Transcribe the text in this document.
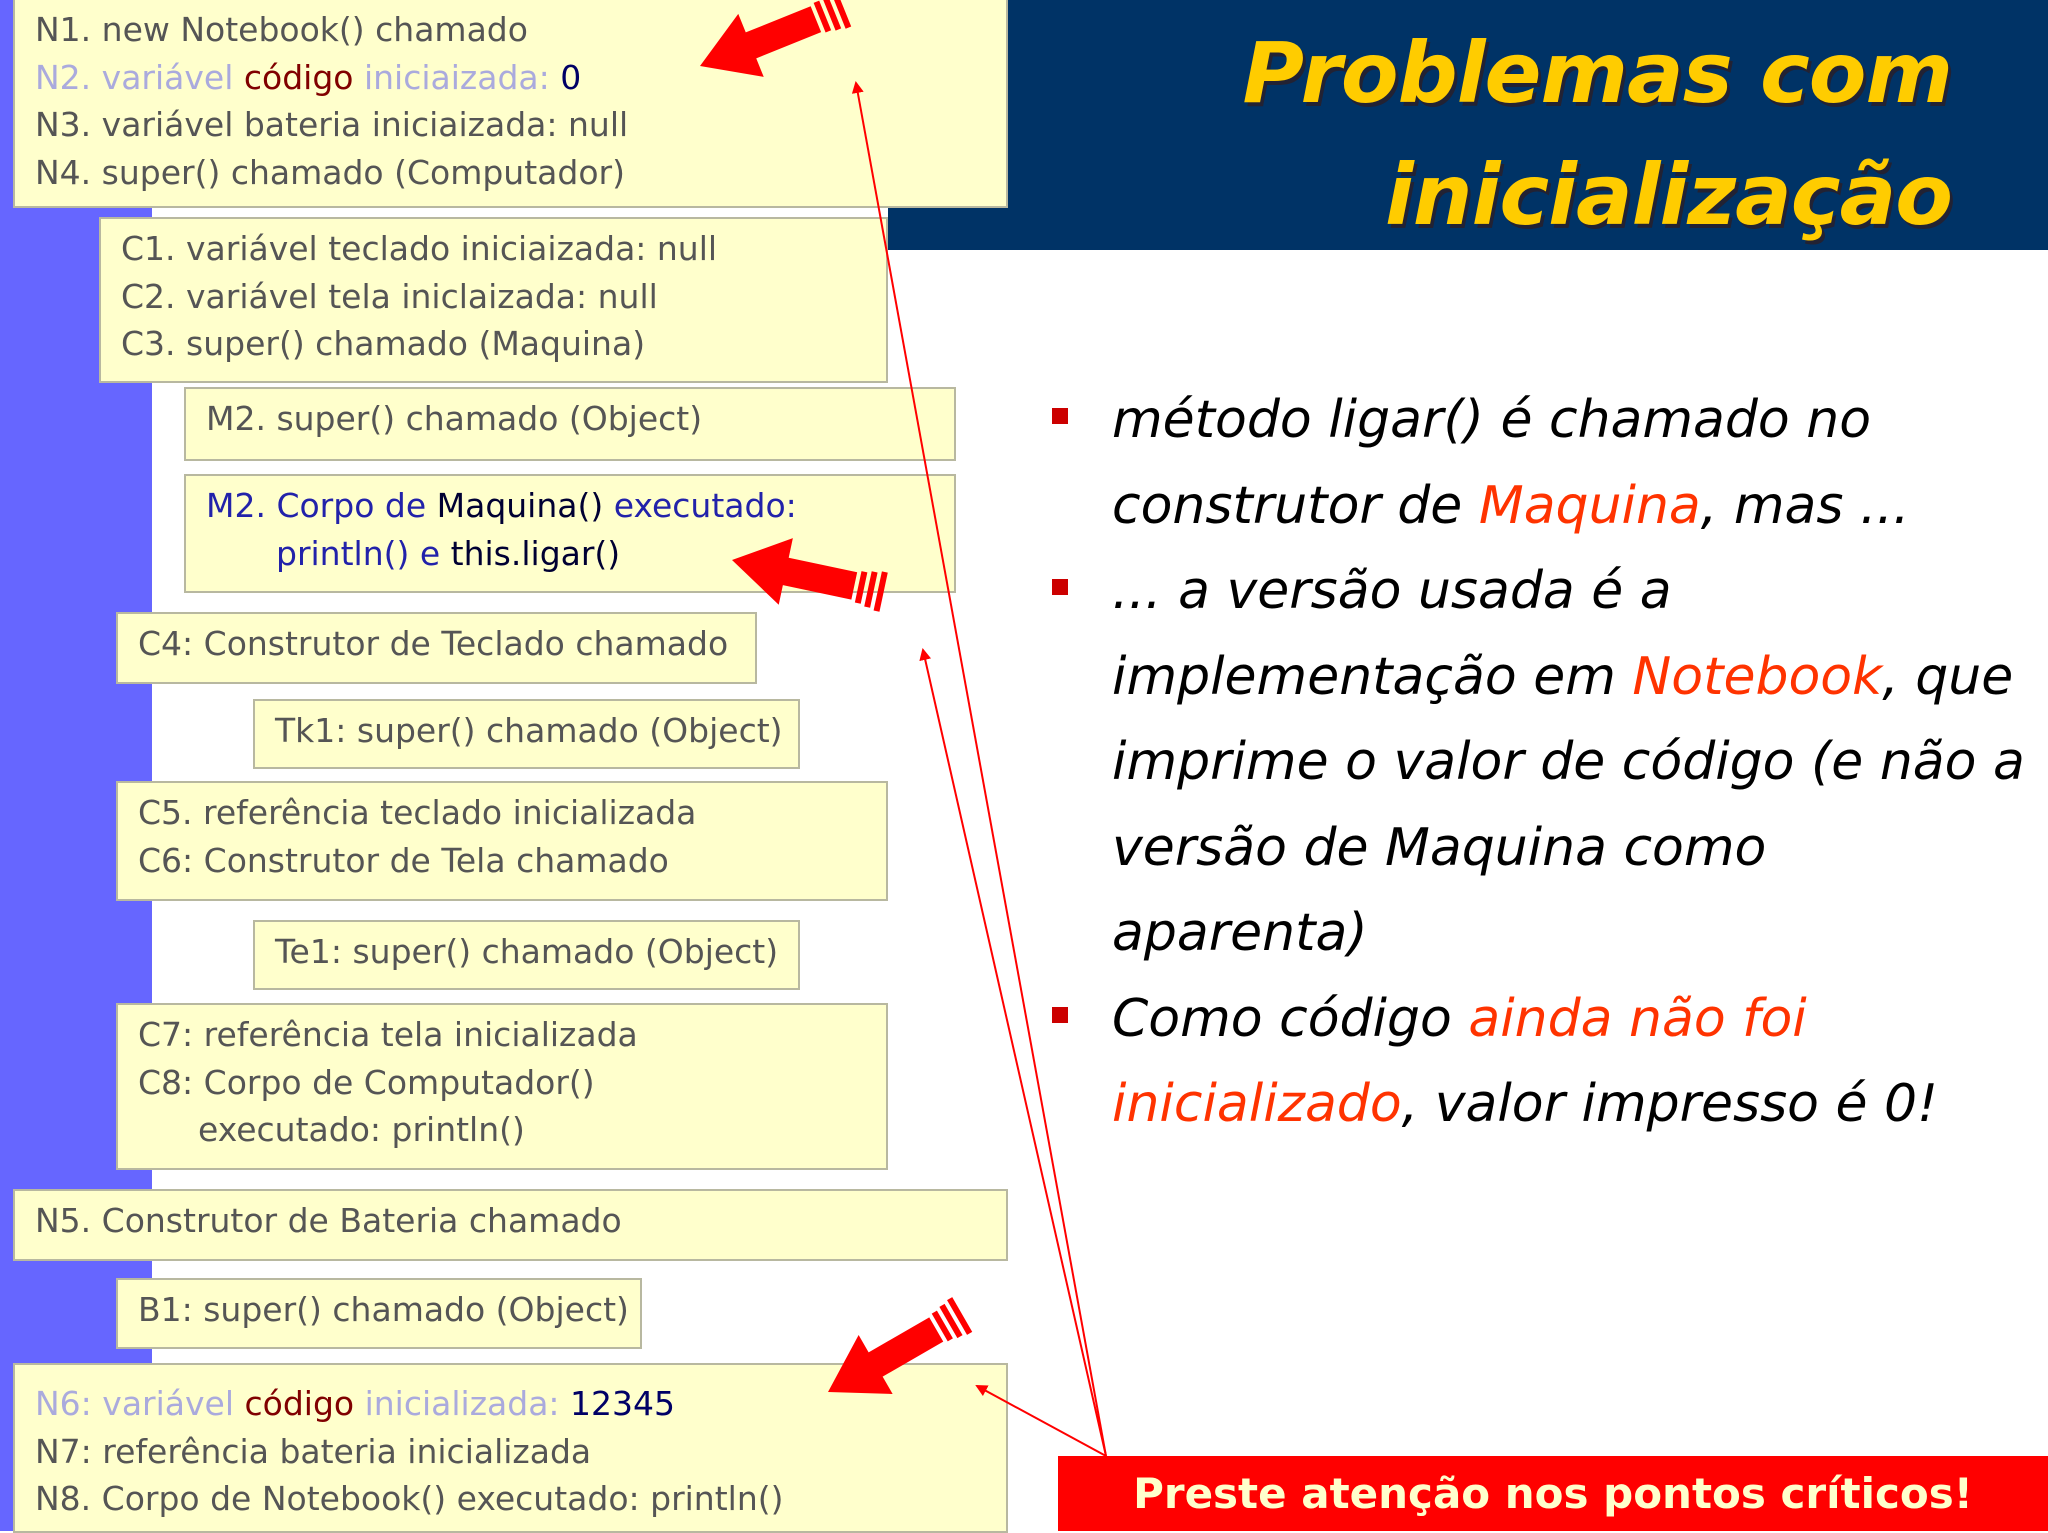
Problemas com
inicialização
N1. new Notebook() chamado
N2. variável código iniciaizada: 0
N3. variável bateria iniciaizada: null
N4. super() chamado (Computador)
C1. variável teclado iniciaizada: null
C2. variável tela iniclaizada: null
C3. super() chamado (Maquina)
M2. super() chamado (Object)
M2. Corpo de Maquina() executado:
println() e this.ligar()
C4: Construtor de Teclado chamado
Tk1: super() chamado (Object)
C5. referência teclado inicializada
C6: Construtor de Tela chamado
Te1: super() chamado (Object)
C7: referência tela inicializada
C8: Corpo de Computador()
executado: println()
N5. Construtor de Bateria chamado
B1: super() chamado (Object)
N6: variável código inicializada: 12345
N7: referência bateria inicializada
N8. Corpo de Notebook() executado: println()
método ligar() é chamado no construtor de Maquina, mas ...
... a versão usada é a implementação em Notebook, que imprime o valor de código (e não a versão de Maquina como aparenta)
Como código ainda não foi inicializado, valor impresso é 0!
Preste atenção nos pontos críticos!
